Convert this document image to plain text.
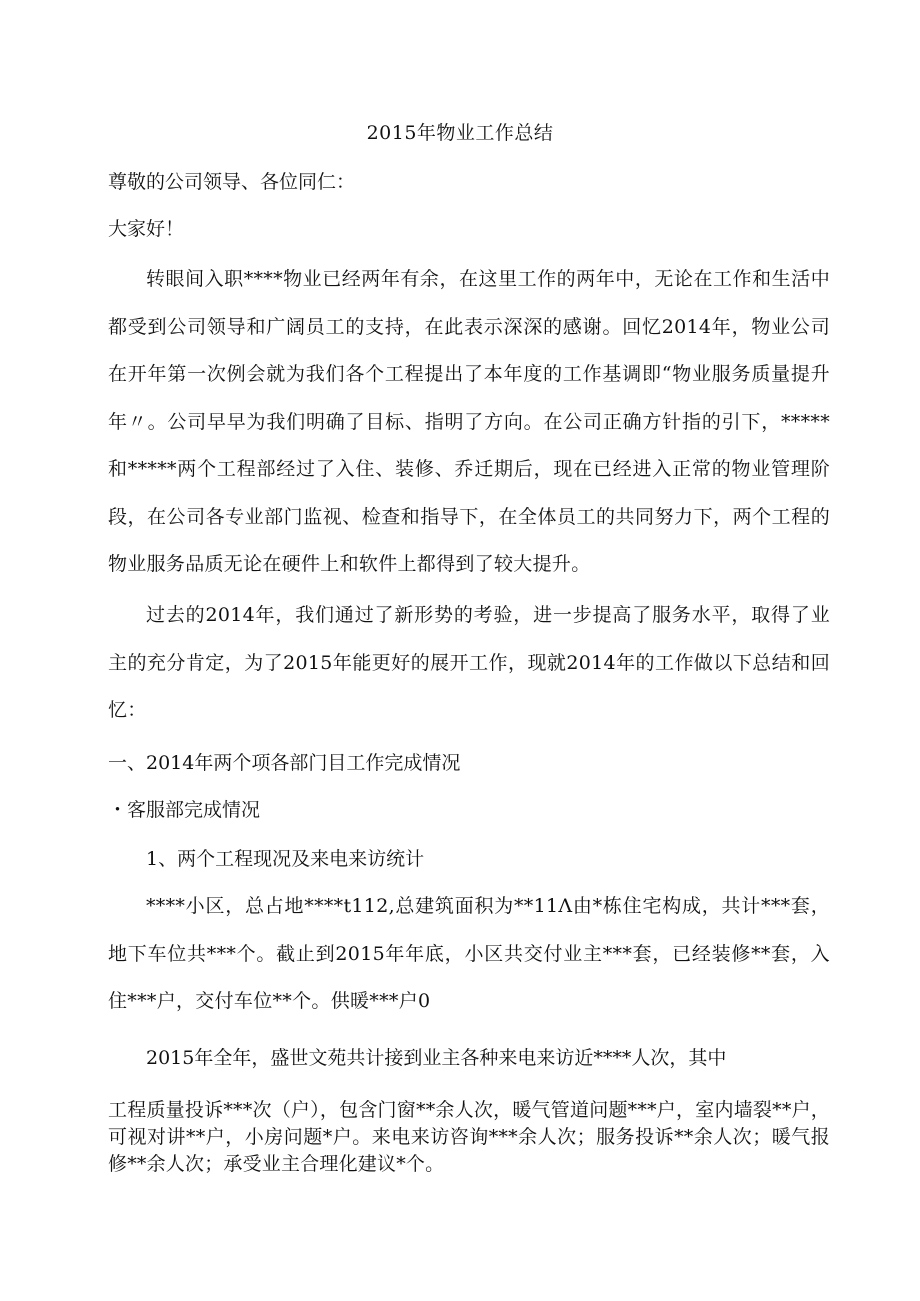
2015年物业工作总结
尊敬的公司领导、各位同仁：
大家好！
转眼间入职****物业已经两年有余，在这里工作的两年中，无论在工作和生活中都受到公司领导和广阔员工的支持，在此表示深深的感谢。回忆2014年，物业公司在开年第一次例会就为我们各个工程提出了本年度的工作基调即“物业服务质量提升年〃。公司早早为我们明确了目标、指明了方向。在公司正确方针指的引下，*****和*****两个工程部经过了入住、装修、乔迁期后，现在已经进入正常的物业管理阶段，在公司各专业部门监视、检查和指导下，在全体员工的共同努力下，两个工程的物业服务品质无论在硬件上和软件上都得到了较大提升。
过去的2014年，我们通过了新形势的考验，进一步提高了服务水平，取得了业主的充分肯定，为了2015年能更好的展开工作，现就2014年的工作做以下总结和回忆：
一、2014年两个项各部门目工作完成情况
・客服部完成情况
1、两个工程现况及来电来访统计
****小区，总占地****t112,总建筑面积为**11Λ由*栋住宅构成，共计***套，地下车位共***个。截止到2015年年底，小区共交付业主***套，已经装修**套，入住***户，交付车位**个。供暖***户0
2015年全年，盛世文苑共计接到业主各种来电来访近****人次，其中
工程质量投诉***次（户），包含门窗**余人次，暖气管道问题***户，室内墙裂**户，可视对讲**户，小房问题*户。来电来访咨询***余人次；服务投诉**余人次；暖气报修**余人次；承受业主合理化建议*个。
